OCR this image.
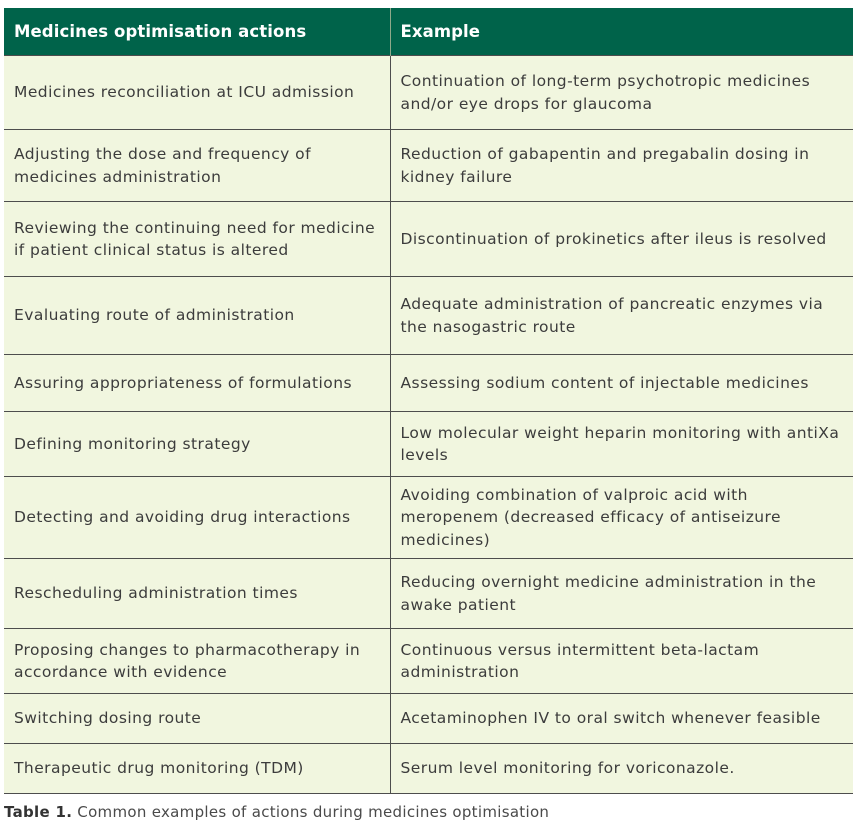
Medicines optimisation actions	Example
Medicines reconciliation at ICU admission	Continuation of long-term psychotropic medicines and/or eye drops for glaucoma
Adjusting the dose and frequency of medicines administration	Reduction of gabapentin and pregabalin dosing in kidney failure
Reviewing the continuing need for medicine if patient clinical status is altered	Discontinuation of prokinetics after ileus is resolved
Evaluating route of administration	Adequate administration of pancreatic enzymes via the nasogastric route
Assuring appropriateness of formulations	Assessing sodium content of injectable medicines
Defining monitoring strategy	Low molecular weight heparin monitoring with antiXa levels
Detecting and avoiding drug interactions	Avoiding combination of valproic acid with meropenem (decreased efficacy of antiseizure medicines)
Rescheduling administration times	Reducing overnight medicine administration in the awake patient
Proposing changes to pharmacotherapy in accordance with evidence	Continuous versus intermittent beta-lactam administration
Switching dosing route	Acetaminophen IV to oral switch whenever feasible
Therapeutic drug monitoring (TDM)	Serum level monitoring for voriconazole.
Table 1. Common examples of actions during medicines optimisation
